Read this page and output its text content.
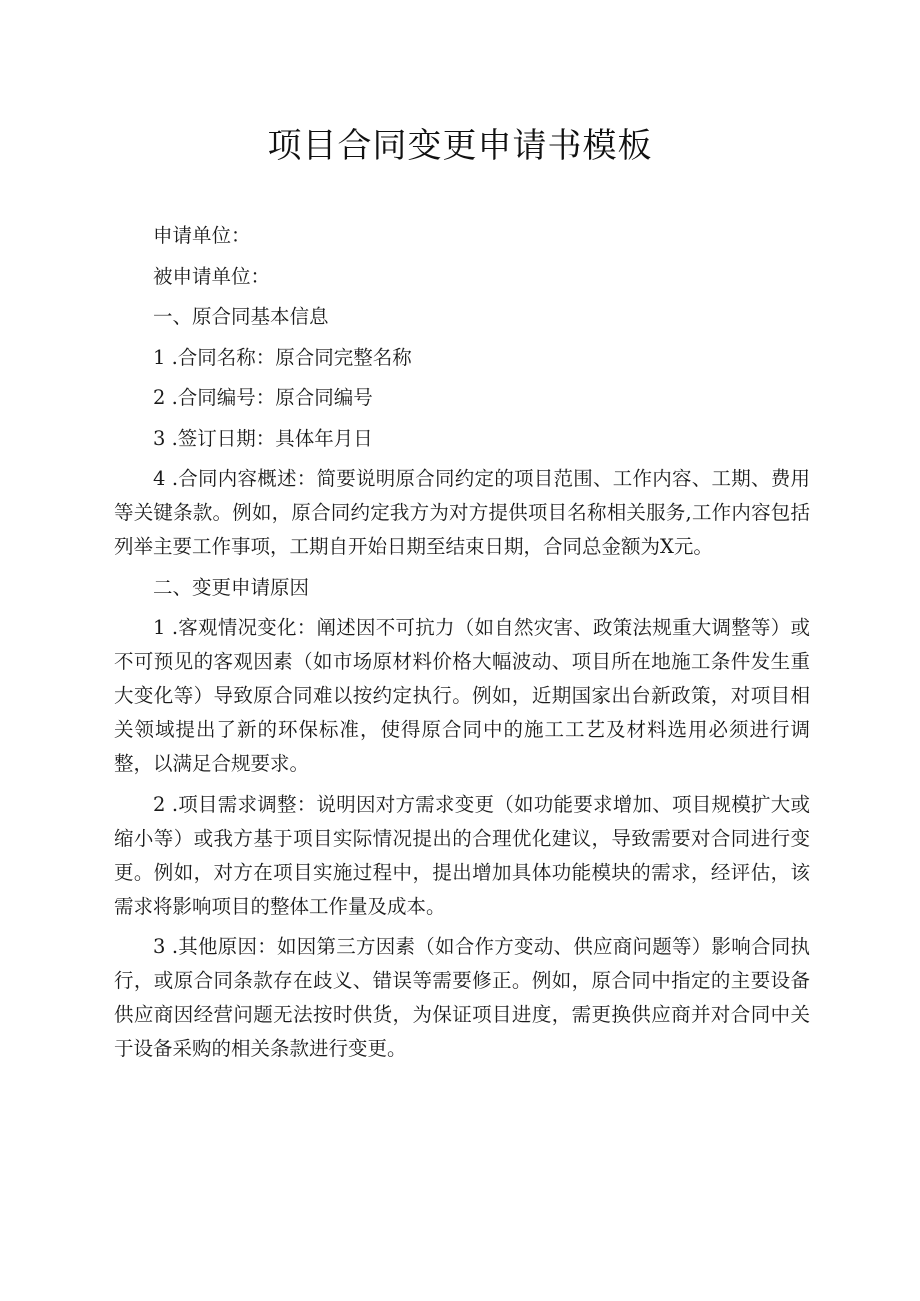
项目合同变更申请书模板

申请单位：

被申请单位：

一、原合同基本信息

1 .合同名称：原合同完整名称

2 .合同编号：原合同编号

3 .签订日期：具体年月日

4 .合同内容概述：简要说明原合同约定的项目范围、工作内容、工期、费用等关键条款。例如，原合同约定我方为对方提供项目名称相关服务,工作内容包括列举主要工作事项，工期自开始日期至结束日期，合同总金额为X元。

二、变更申请原因

1 .客观情况变化：阐述因不可抗力（如自然灾害、政策法规重大调整等）或不可预见的客观因素（如市场原材料价格大幅波动、项目所在地施工条件发生重大变化等）导致原合同难以按约定执行。例如，近期国家出台新政策，对项目相关领域提出了新的环保标准，使得原合同中的施工工艺及材料选用必须进行调整，以满足合规要求。

2 .项目需求调整：说明因对方需求变更（如功能要求增加、项目规模扩大或缩小等）或我方基于项目实际情况提出的合理优化建议，导致需要对合同进行变更。例如，对方在项目实施过程中，提出增加具体功能模块的需求，经评估，该需求将影响项目的整体工作量及成本。

3 .其他原因：如因第三方因素（如合作方变动、供应商问题等）影响合同执行，或原合同条款存在歧义、错误等需要修正。例如，原合同中指定的主要设备供应商因经营问题无法按时供货，为保证项目进度，需更换供应商并对合同中关于设备采购的相关条款进行变更。
